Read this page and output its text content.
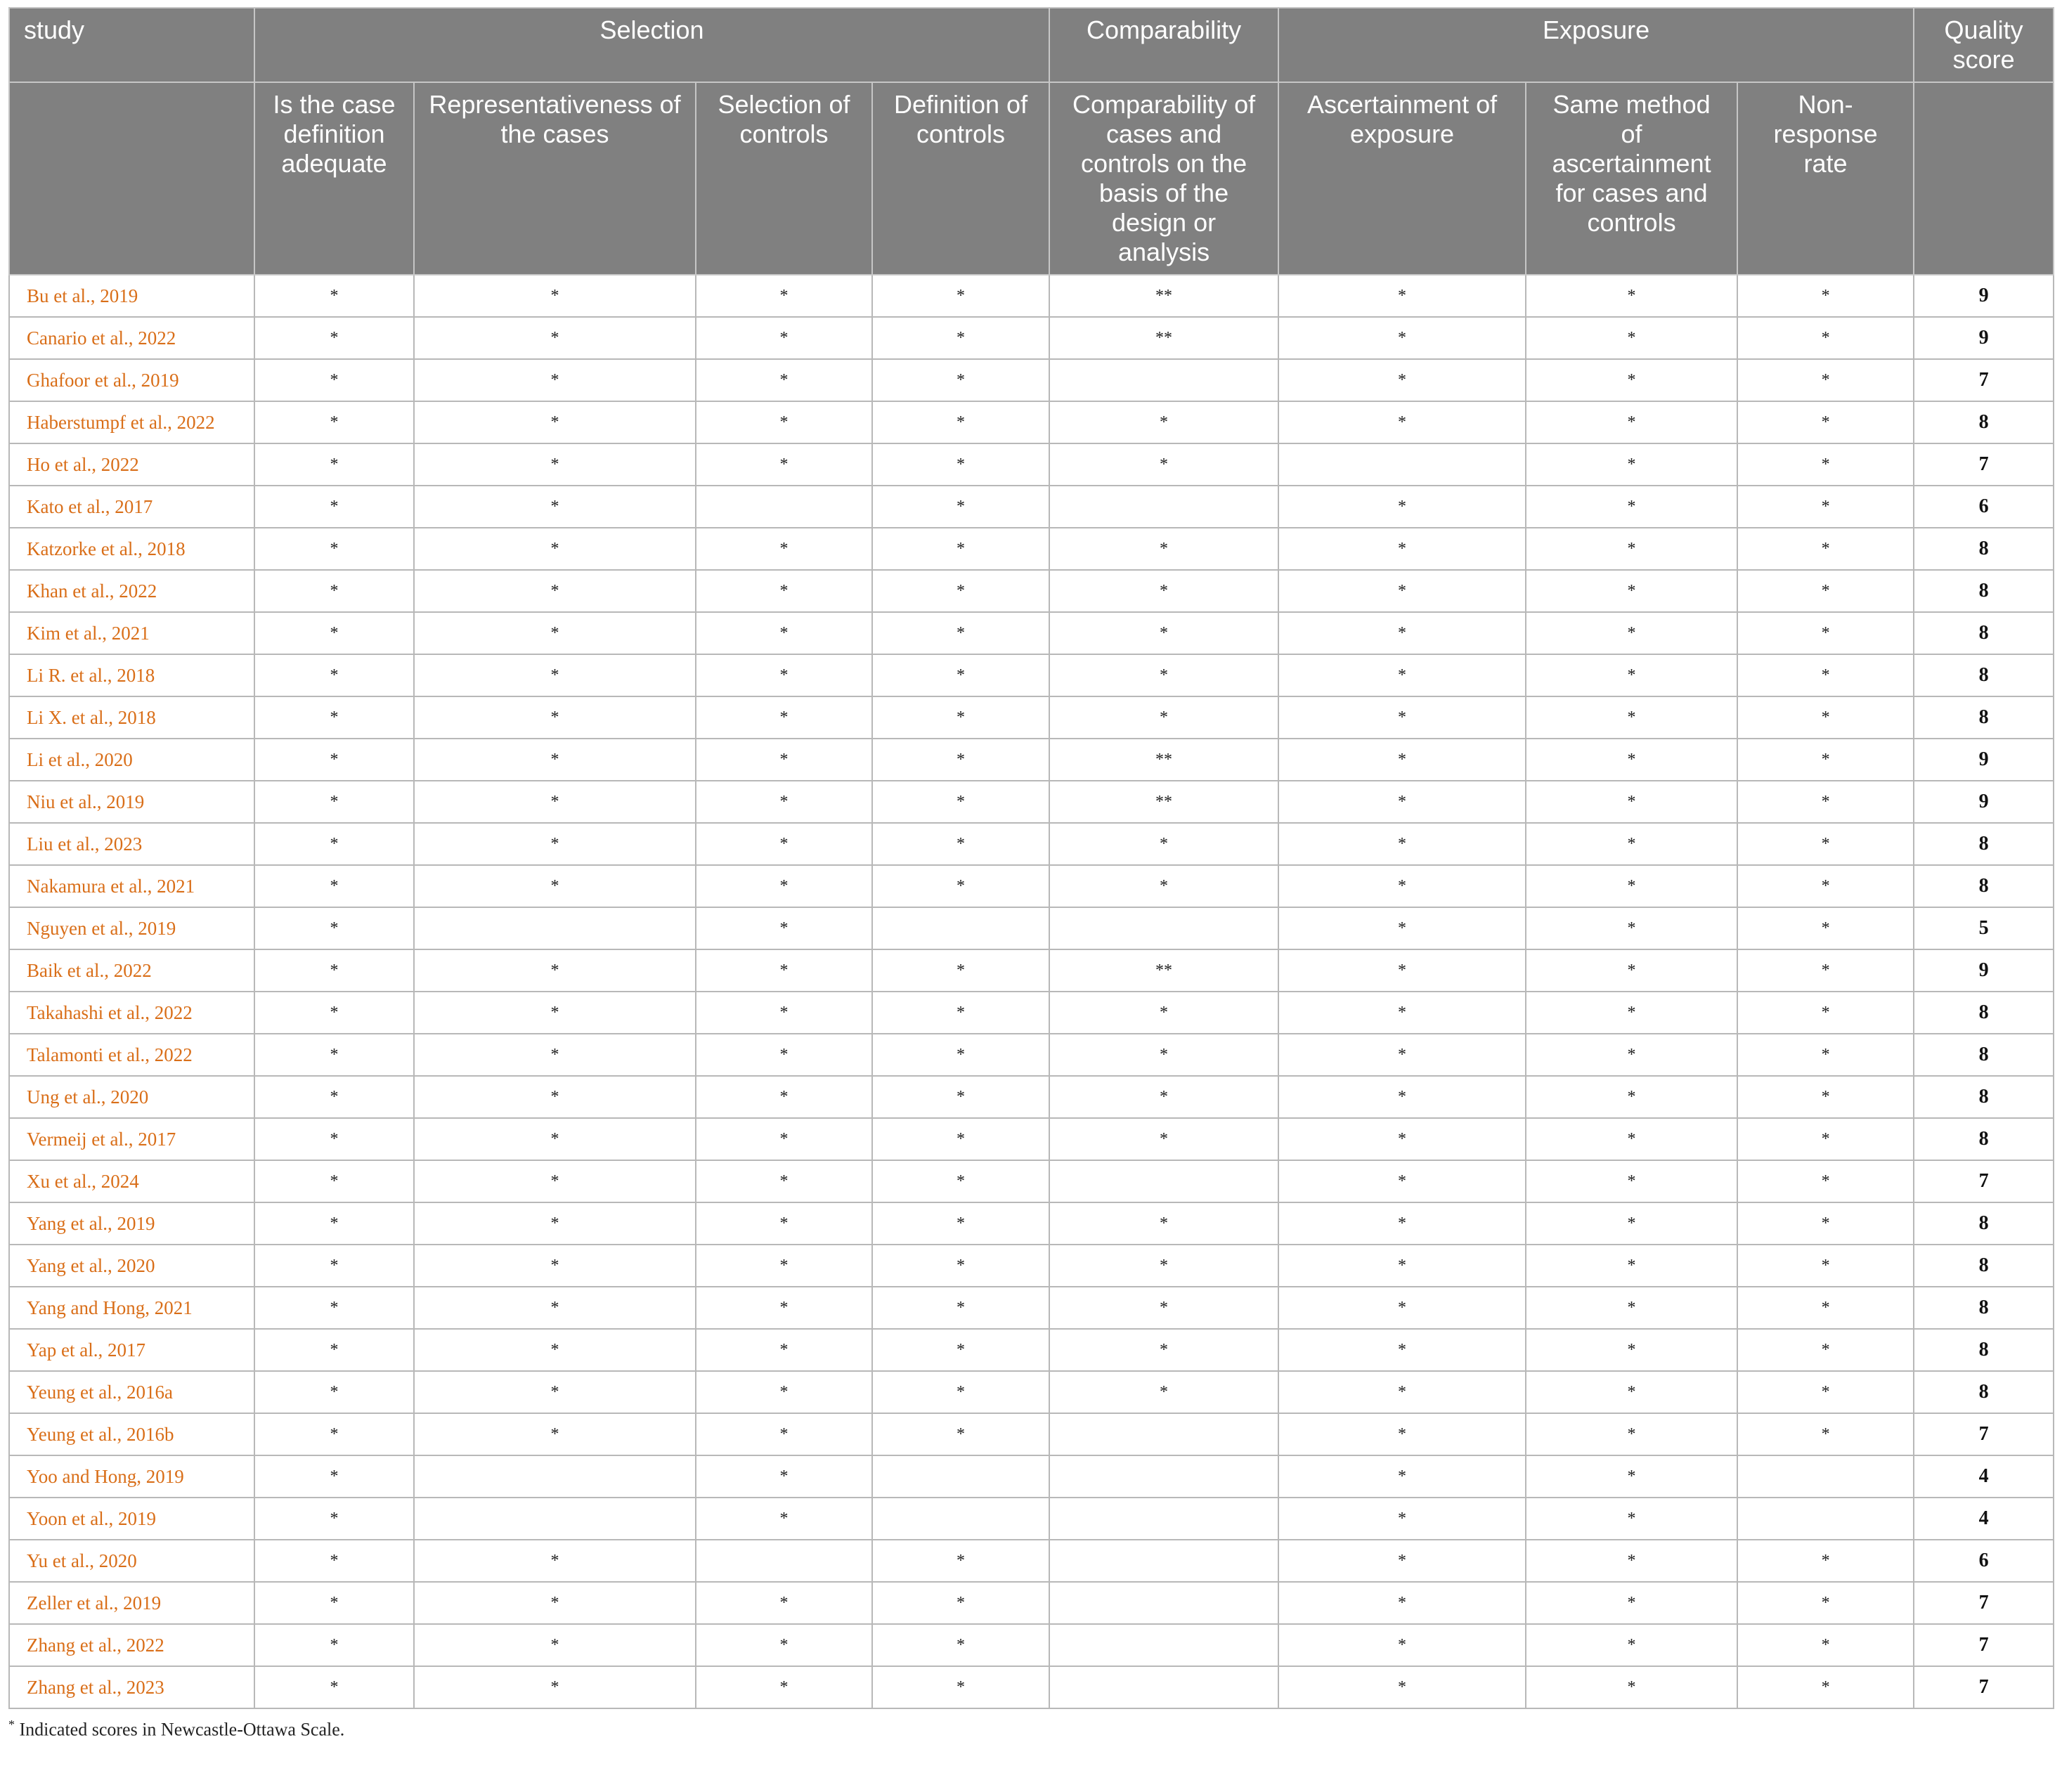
study	Selection				Comparability	Exposure			Quality score
	Is the case definition adequate	Representativeness of the cases	Selection of controls	Definition of controls	Comparability of cases and controls on the basis of the design or analysis	Ascertainment of exposure	Same method of ascertainment for cases and controls	Non-response rate	
Bu et al., 2019	*	*	*	*	**	*	*	*	9
Canario et al., 2022	*	*	*	*	**	*	*	*	9
Ghafoor et al., 2019	*	*	*	*		*	*	*	7
Haberstumpf et al., 2022	*	*	*	*	*	*	*	*	8
Ho et al., 2022	*	*	*	*	*		*	*	7
Kato et al., 2017	*	*		*		*	*	*	6
Katzorke et al., 2018	*	*	*	*	*	*	*	*	8
Khan et al., 2022	*	*	*	*	*	*	*	*	8
Kim et al., 2021	*	*	*	*	*	*	*	*	8
Li R. et al., 2018	*	*	*	*	*	*	*	*	8
Li X. et al., 2018	*	*	*	*	*	*	*	*	8
Li et al., 2020	*	*	*	*	**	*	*	*	9
Niu et al., 2019	*	*	*	*	**	*	*	*	9
Liu et al., 2023	*	*	*	*	*	*	*	*	8
Nakamura et al., 2021	*	*	*	*	*	*	*	*	8
Nguyen et al., 2019	*		*			*	*	*	5
Baik et al., 2022	*	*	*	*	**	*	*	*	9
Takahashi et al., 2022	*	*	*	*	*	*	*	*	8
Talamonti et al., 2022	*	*	*	*	*	*	*	*	8
Ung et al., 2020	*	*	*	*	*	*	*	*	8
Vermeij et al., 2017	*	*	*	*	*	*	*	*	8
Xu et al., 2024	*	*	*	*		*	*	*	7
Yang et al., 2019	*	*	*	*	*	*	*	*	8
Yang et al., 2020	*	*	*	*	*	*	*	*	8
Yang and Hong, 2021	*	*	*	*	*	*	*	*	8
Yap et al., 2017	*	*	*	*	*	*	*	*	8
Yeung et al., 2016a	*	*	*	*	*	*	*	*	8
Yeung et al., 2016b	*	*	*	*		*	*	*	7
Yoo and Hong, 2019	*		*			*	*		4
Yoon et al., 2019	*		*			*	*		4
Yu et al., 2020	*	*		*		*	*	*	6
Zeller et al., 2019	*	*	*	*		*	*	*	7
Zhang et al., 2022	*	*	*	*		*	*	*	7
Zhang et al., 2023	*	*	*	*		*	*	*	7
* Indicated scores in Newcastle-Ottawa Scale.
